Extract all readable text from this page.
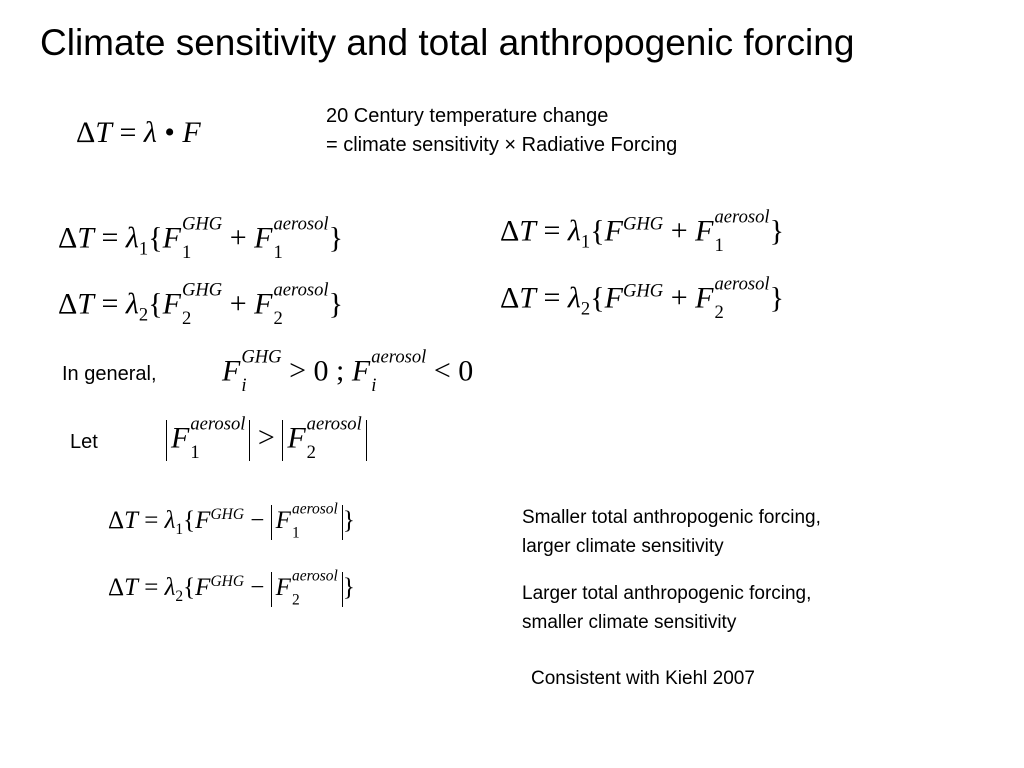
Climate sensitivity and total anthropogenic forcing
ΔT = λ • F	20 Century temperature change
= climate sensitivity × Radiative Forcing
$\Delta T = \lambda_1\{F$ GHG
1	+ F aerosol
1	}
$\Delta T = \lambda_2\{F$ GHG
2	+ F aerosol
2	}
$\Delta T = \lambda_1\{F^{GHG} + F$ aerosol
1	}
$\Delta T = \lambda_2\{F^{GHG} + F$ aerosol
2	}
In general, F GHG
i	> 0 ; F aerosol
i	< 0
Let F aerosol
1	> F aerosol
2
$\Delta T = \lambda_1\{F^{GHG} - F$ aerosol
1	}
$\Delta T = \lambda_2\{F^{GHG} - F$ aerosol
2	}
Smaller total anthropogenic forcing,
larger climate sensitivity
Larger total anthropogenic forcing,
smaller climate sensitivity
Consistent with Kiehl 2007
